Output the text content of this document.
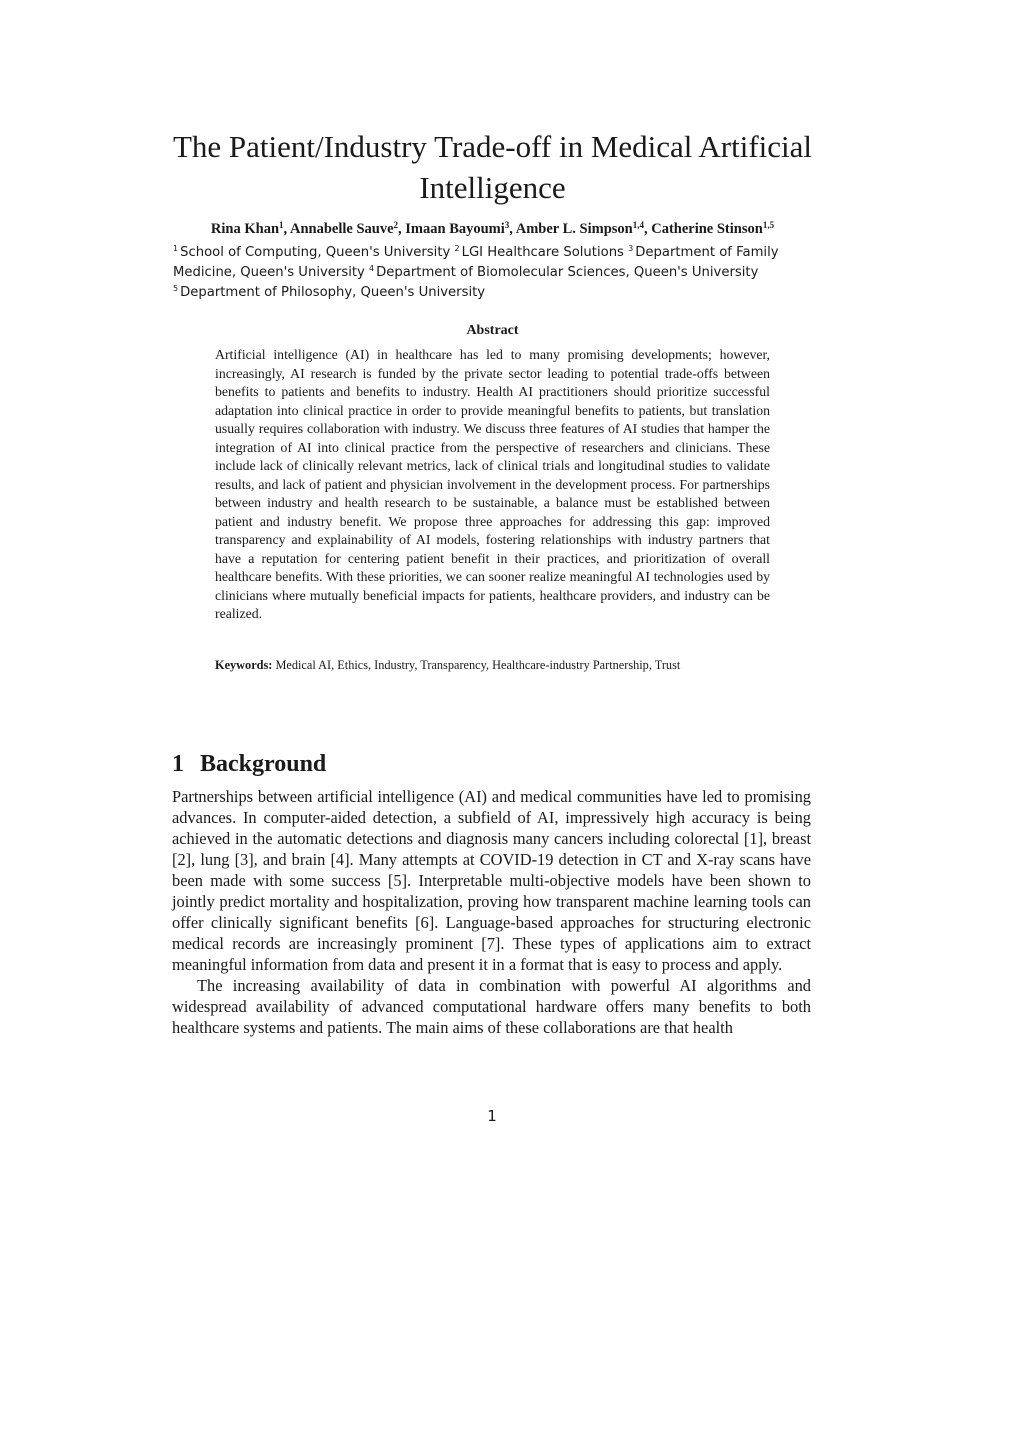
The Patient/Industry Trade-off in Medical Artificial Intelligence
Rina Khan$^1$, Annabelle Sauve$^2$, Imaan Bayoumi$^3$, Amber L. Simpson$^{1,4}$, Catherine Stinson$^{1,5}$
$^1$ School of Computing, Queen's University $^2$ LGI Healthcare Solutions $^3$ Department of Family Medicine, Queen's University $^4$ Department of Biomolecular Sciences, Queen's University
$^5$ Department of Philosophy, Queen's University
Abstract

Artificial intelligence (AI) in healthcare has led to many promising developments; however, increasingly, AI research is funded by the private sector leading to potential trade-offs between benefits to patients and benefits to industry. Health AI practitioners should prioritize successful adaptation into clinical practice in order to provide meaningful benefits to patients, but translation usually requires collaboration with industry. We discuss three features of AI studies that hamper the integration of AI into clinical practice from the perspective of researchers and clinicians. These include lack of clinically relevant metrics, lack of clinical trials and longitudinal studies to validate results, and lack of patient and physician involvement in the development process. For partnerships between industry and health research to be sustainable, a balance must be established between patient and industry benefit. We propose three approaches for addressing this gap: improved transparency and explainability of AI models, fostering relationships with industry partners that have a reputation for centering patient benefit in their practices, and prioritization of overall healthcare benefits. With these priorities, we can sooner realize meaningful AI technologies used by clinicians where mutually beneficial impacts for patients, healthcare providers, and industry can be realized.

Keywords: Medical AI, Ethics, Industry, Transparency, Healthcare-industry Partnership, Trust
1 Background

Partnerships between artificial intelligence (AI) and medical communities have led to promising advances. In computer-aided detection, a subfield of AI, impressively high accuracy is being achieved in the automatic detections and diagnosis many cancers including colorectal [1], breast [2], lung [3], and brain [4]. Many attempts at COVID-19 detection in CT and X-ray scans have been made with some success [5]. Interpretable multi-objective models have been shown to jointly predict mortality and hospitalization, proving how transparent machine learning tools can offer clinically significant benefits [6]. Language-based approaches for structuring electronic medical records are increasingly prominent [7]. These types of applications aim to extract meaningful information from data and present it in a format that is easy to process and apply.

The increasing availability of data in combination with powerful AI algorithms and widespread availability of advanced computational hardware offers many benefits to both healthcare systems and patients. The main aims of these collaborations are that health

1
